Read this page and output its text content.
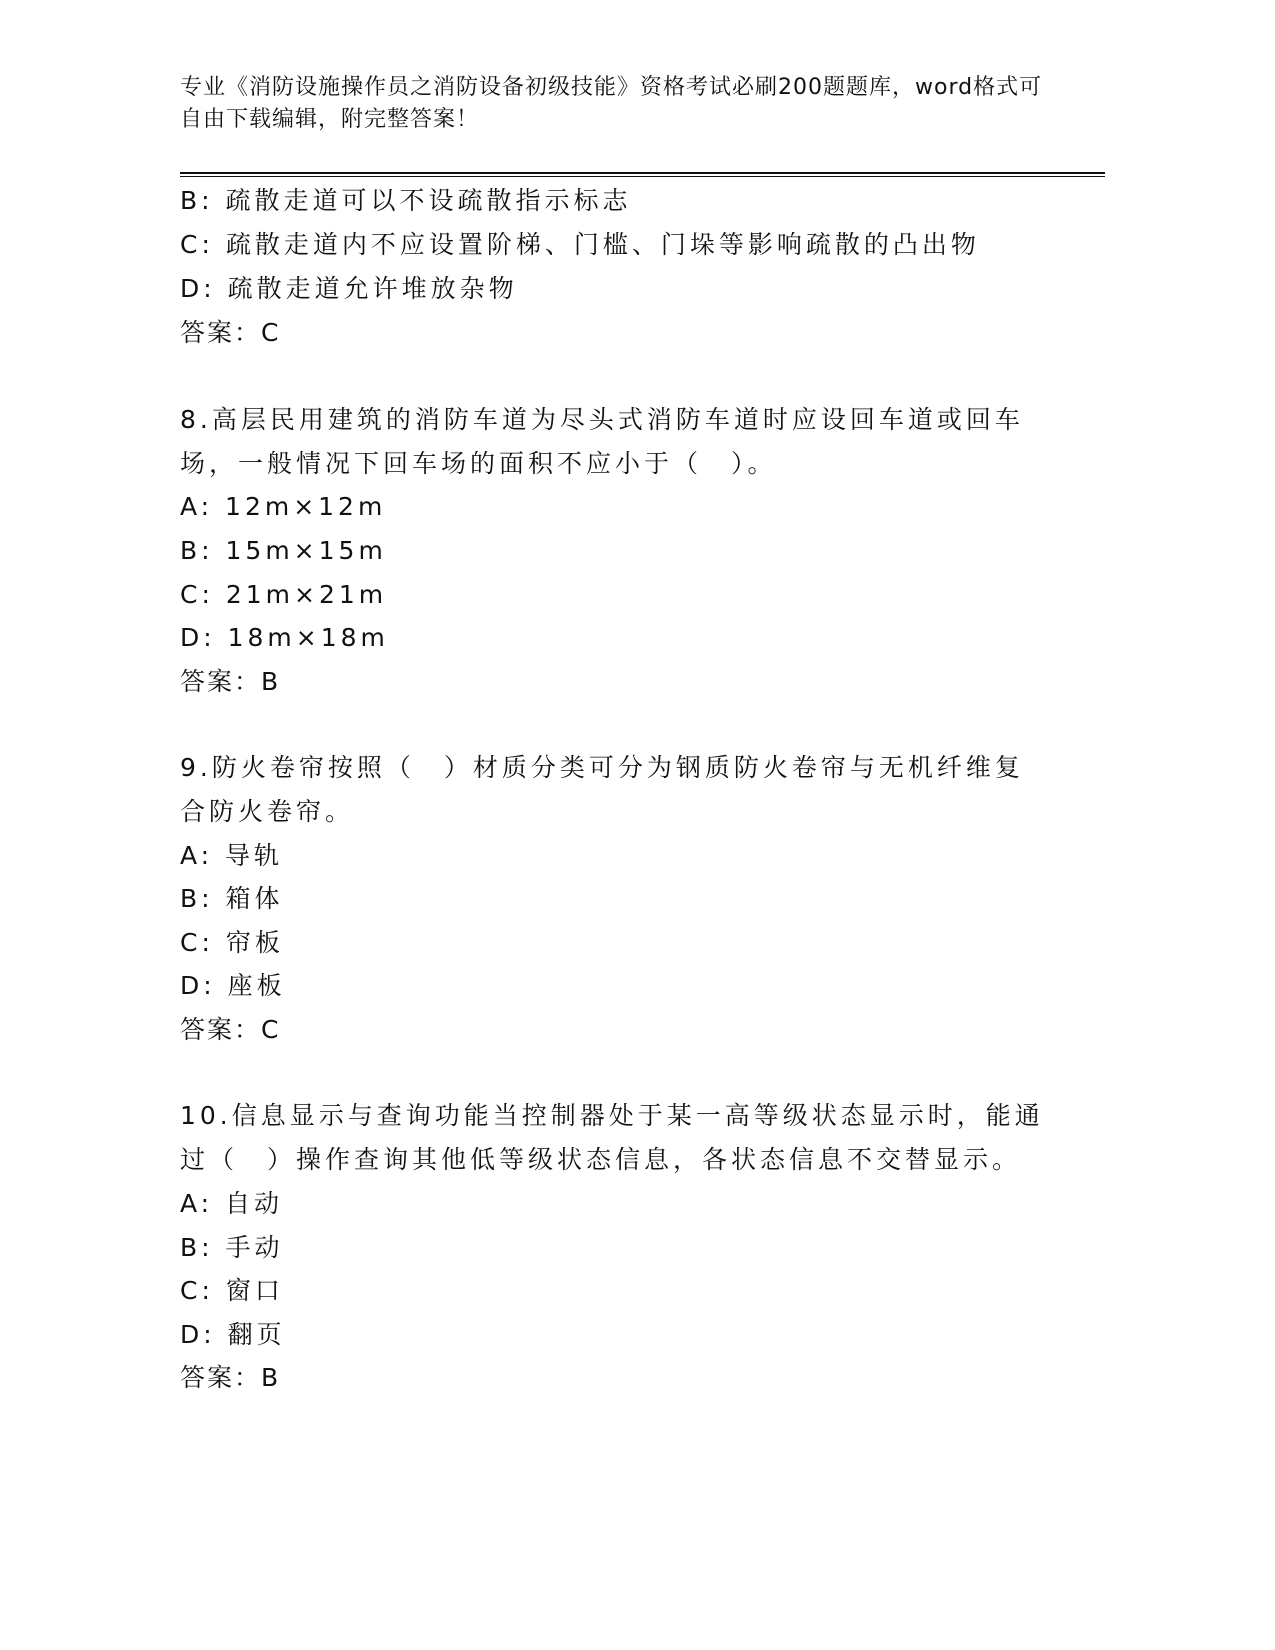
专业《消防设施操作员之消防设备初级技能》资格考试必刷200题题库，word格式可自由下载编辑，附完整答案！
B: 疏散走道可以不设疏散指示标志
C: 疏散走道内不应设置阶梯、门槛、门垛等影响疏散的凸出物
D: 疏散走道允许堆放杂物
答案：C
8.高层民用建筑的消防车道为尽头式消防车道时应设回车道或回车场，一般情况下回车场的面积不应小于（　）。
A: 12m×12m
B: 15m×15m
C: 21m×21m
D: 18m×18m
答案：B
9.防火卷帘按照（　）材质分类可分为钢质防火卷帘与无机纤维复合防火卷帘。
A: 导轨
B: 箱体
C: 帘板
D: 座板
答案：C
10.信息显示与查询功能当控制器处于某一高等级状态显示时，能通过（　）操作查询其他低等级状态信息，各状态信息不交替显示。
A: 自动
B: 手动
C: 窗口
D: 翻页
答案：B
